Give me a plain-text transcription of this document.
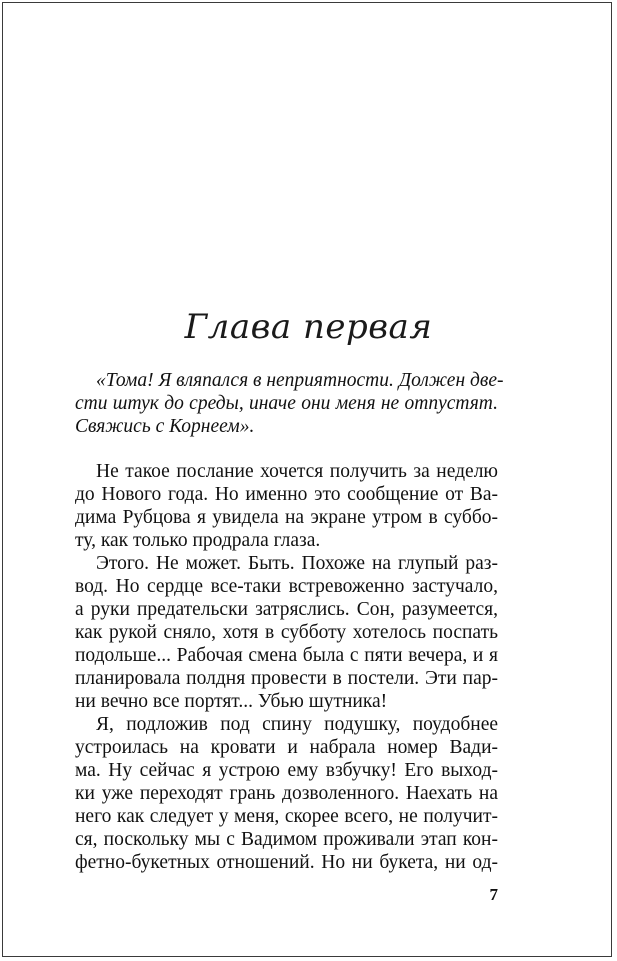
Глава первая
«Тома! Я вляпался в неприятности. Должен две-
сти штук до среды, иначе они меня не отпустят.
Свяжись с Корнеем».
Не такое послание хочется получить за неделю
до Нового года. Но именно это сообщение от Ва-
дима Рубцова я увидела на экране утром в суббо-
ту, как только продрала глаза.
Этого. Не может. Быть. Похоже на глупый раз-
вод. Но сердце все-таки встревоженно застучало,
а руки предательски затряслись. Сон, разумеется,
как рукой сняло, хотя в субботу хотелось поспать
подольше... Рабочая смена была с пяти вечера, и я
планировала полдня провести в постели. Эти пар-
ни вечно все портят... Убью шутника!
Я, подложив под спину подушку, поудобнее
устроилась на кровати и набрала номер Вади-
ма. Ну сейчас я устрою ему взбучку! Его выход-
ки уже переходят грань дозволенного. Наехать на
него как следует у меня, скорее всего, не получит-
ся, поскольку мы с Вадимом проживали этап кон-
фетно-букетных отношений. Но ни букета, ни од-
7
